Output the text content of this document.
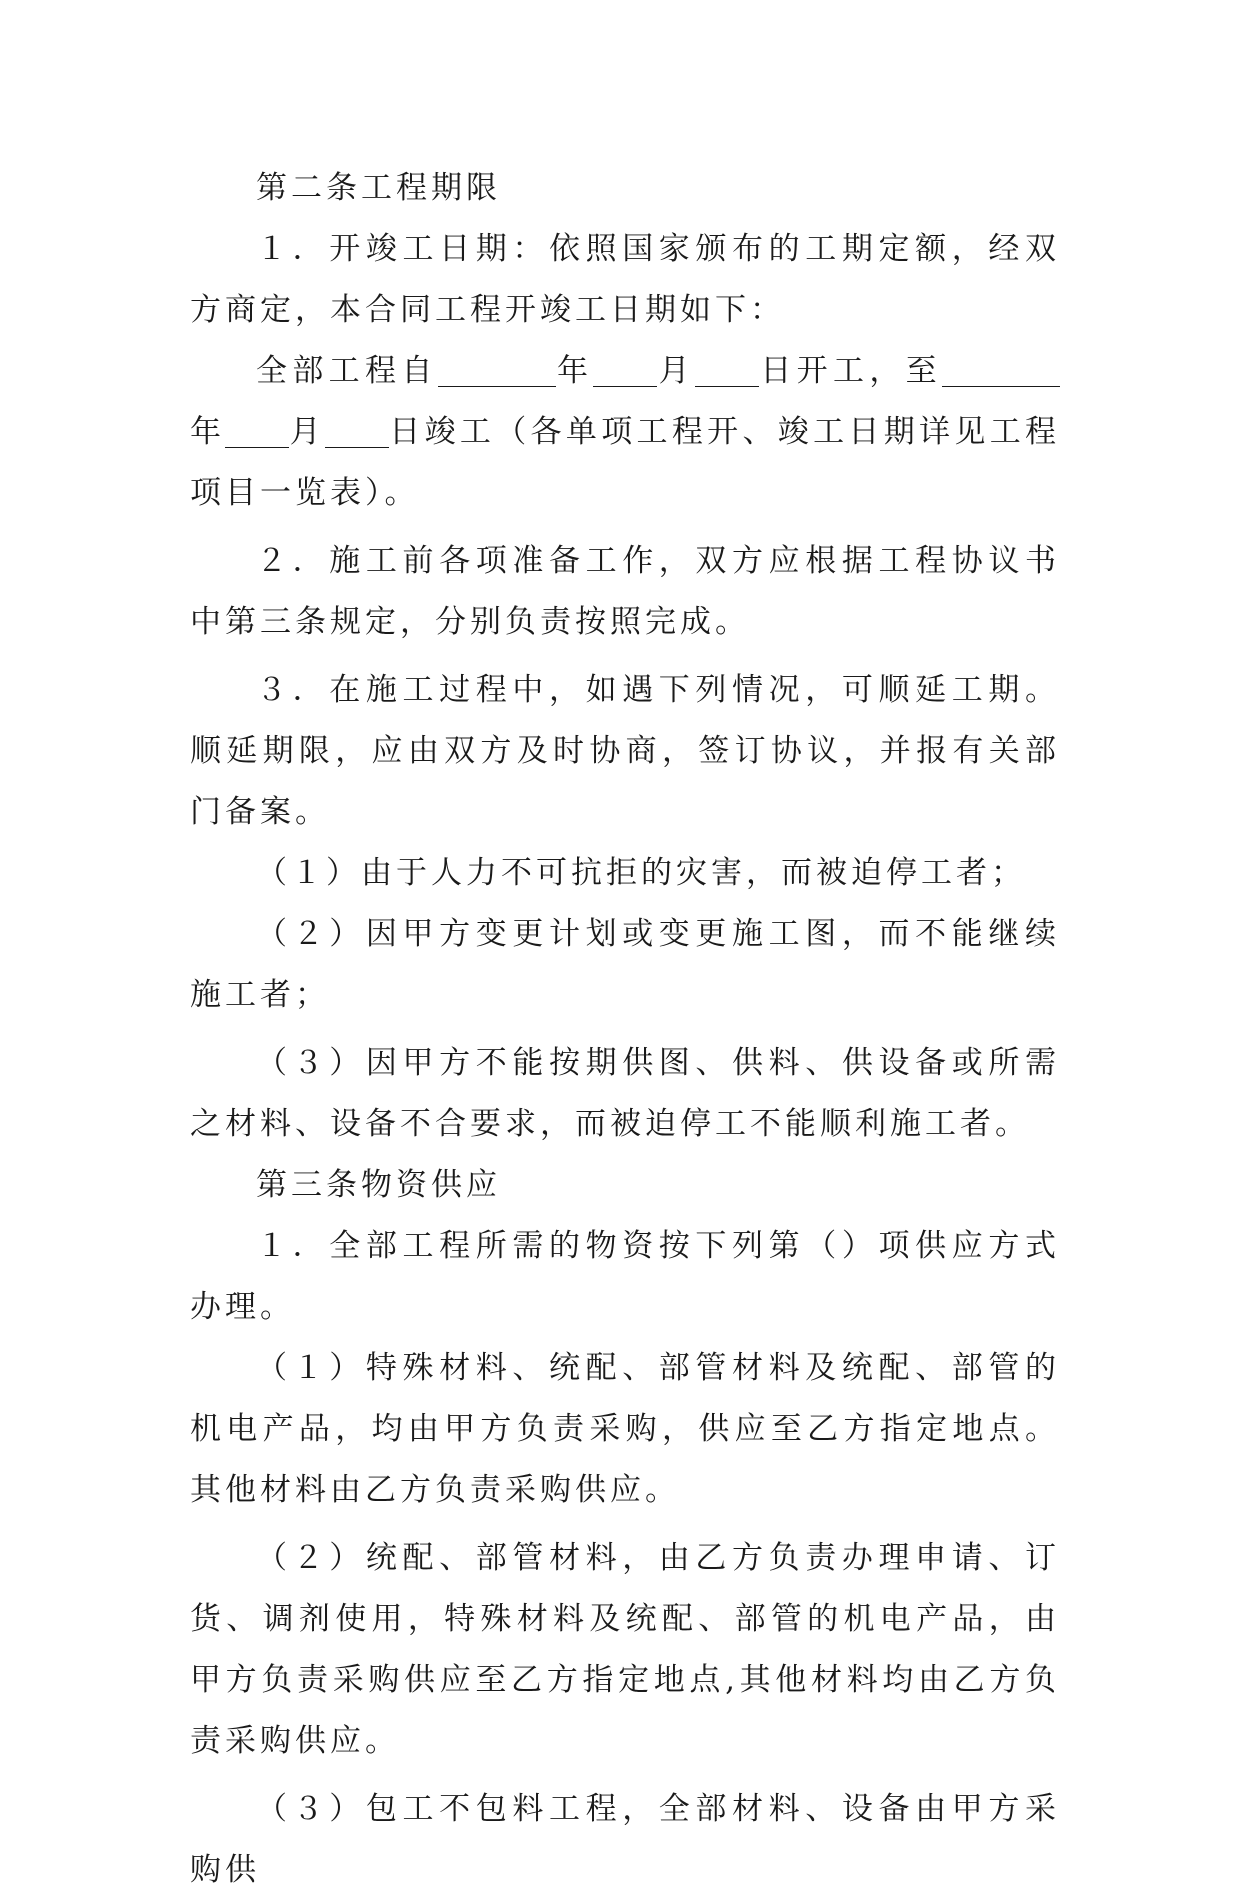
第二条工程期限

１．开竣工日期：依照国家颁布的工期定额，经双方商定，本合同工程开竣工日期如下：

全部工程自	年 月 日开工，至年 月 日竣工（各单项工程开、竣工日期详见工程项目一览表）。

２．施工前各项准备工作，双方应根据工程协议书中第三条规定，分别负责按照完成。

３．在施工过程中，如遇下列情况，可顺延工期。顺延期限，应由双方及时协商，签订协议，并报有关部门备案。

（１）由于人力不可抗拒的灾害，而被迫停工者；

（２）因甲方变更计划或变更施工图，而不能继续施工者；

（３）因甲方不能按期供图、供料、供设备或所需之材料、设备不合要求，而被迫停工不能顺利施工者。

第三条物资供应

１．全部工程所需的物资按下列第（）项供应方式办理。

（１）特殊材料、统配、部管材料及统配、部管的机电产品，均由甲方负责采购，供应至乙方指定地点。其他材料由乙方负责采购供应。

（２）统配、部管材料，由乙方负责办理申请、订货、调剂使用，特殊材料及统配、部管的机电产品，由甲方负责采购供应至乙方指定地点,其他材料均由乙方负责采购供应。

（３）包工不包料工程，全部材料、设备由甲方采购供
